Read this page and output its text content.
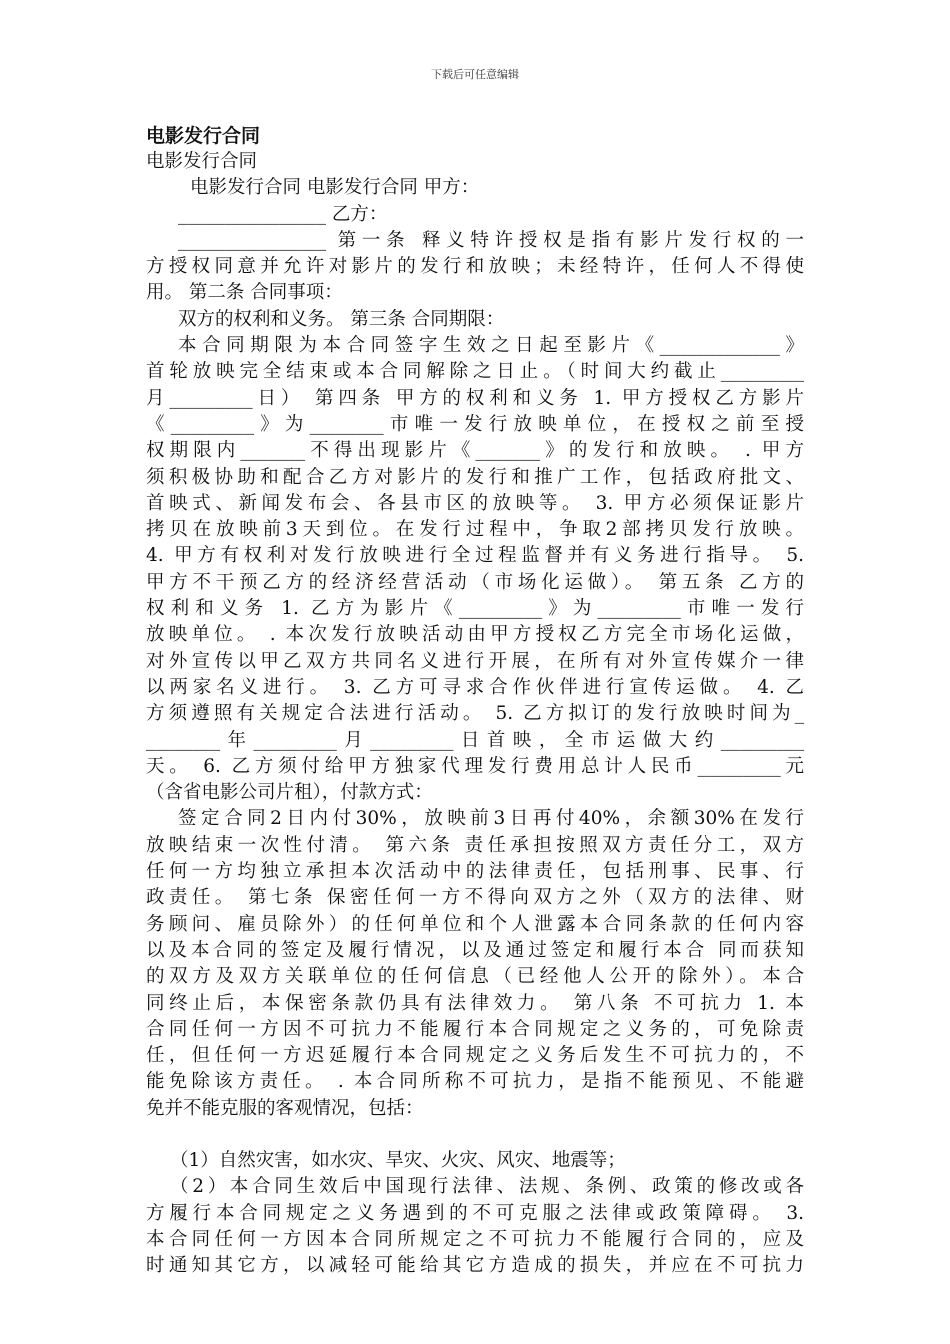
下载后可任意编辑
电影发行合同
电影发行合同
电影发行合同 电影发行合同 甲方：
________________ 乙方：
________________ 第一条 释义特许授权是指有影片发行权的一
方授权同意并允许对影片的发行和放映；未经特许，任何人不得使
用。 第二条 合同事项：
双方的权利和义务。 第三条 合同期限：
本合同期限为本合同签字生效之日起至影片《_____________》
首轮放映完全结束或本合同解除之日止。（时间大约截止_________
月_________日） 第四条 甲方的权利和义务 1. 甲方授权乙方影片
《_________》为________市唯一发行放映单位，在授权之前至授
权期限内_______不得出现影片《_______》的发行和放映。 . 甲方
须积极协助和配合乙方对影片的发行和推广工作，包括政府批文、
首映式、新闻发布会、各县市区的放映等。 3. 甲方必须保证影片
拷贝在放映前3天到位。在发行过程中，争取2部拷贝发行放映。
4. 甲方有权利对发行放映进行全过程监督并有义务进行指导。 5.
甲方不干预乙方的经济经营活动（市场化运做）。 第五条 乙方的
权利和义务 1. 乙方为影片《_________》为_________市唯一发行
放映单位。 . 本次发行放映活动由甲方授权乙方完全市场化运做，
对外宣传以甲乙双方共同名义进行开展，在所有对外宣传媒介一律
以两家名义进行。 3. 乙方可寻求合作伙伴进行宣传运做。 4. 乙
方须遵照有关规定合法进行活动。 5. 乙方拟订的发行放映时间为_
________年_________月_________日首映，全市运做大约_________
天。 6. 乙方须付给甲方独家代理发行费用总计人民币_________元
（含省电影公司片租），付款方式：
签定合同2日内付30%，放映前3日再付40%，余额30%在发行
放映结束一次性付清。 第六条 责任承担按照双方责任分工，双方
任何一方均独立承担本次活动中的法律责任，包括刑事、民事、行
政责任。 第七条 保密任何一方不得向双方之外（双方的法律、财
务顾问、雇员除外）的任何单位和个人泄露本合同条款的任何内容
以及本合同的签定及履行情况，以及通过签定和履行本合 同而获知
的双方及双方关联单位的任何信息（已经他人公开的除外）。本合
同终止后，本保密条款仍具有法律效力。 第八条 不可抗力 1. 本
合同任何一方因不可抗力不能履行本合同规定之义务的，可免除责
任，但任何一方迟延履行本合同规定之义务后发生不可抗力的，不
能免除该方责任。 . 本合同所称不可抗力，是指不能预见、不能避
免并不能克服的客观情况，包括：
（1）自然灾害，如水灾、旱灾、火灾、风灾、地震等；
（2）本合同生效后中国现行法律、法规、条例、政策的修改或各
方履行本合同规定之义务遇到的不可克服之法律或政策障碍。 3.
本合同任何一方因本合同所规定之不可抗力不能履行合同的，应及
时通知其它方，以减轻可能给其它方造成的损失，并应在不可抗力
